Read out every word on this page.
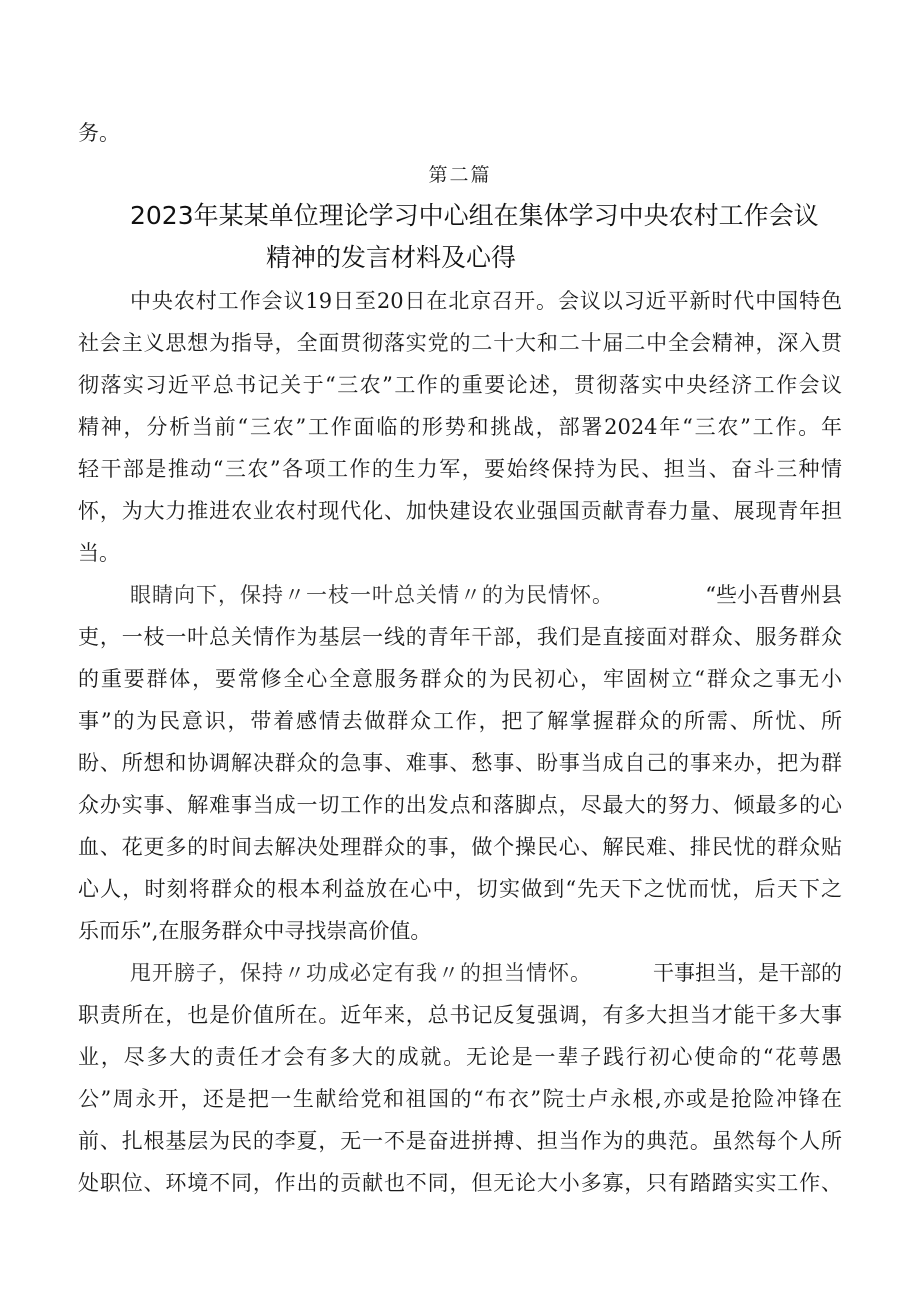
务。
第二篇
2023年某某单位理论学习中心组在集体学习中央农村工作会议
精神的发言材料及心得
中央农村工作会议19日至20日在北京召开。会议以习近平新时代中国特色
社会主义思想为指导，全面贯彻落实党的二十大和二十届二中全会精神，深入贯
彻落实习近平总书记关于“三农”工作的重要论述，贯彻落实中央经济工作会议
精神，分析当前“三农”工作面临的形势和挑战，部署2024年“三农”工作。年
轻干部是推动“三农”各项工作的生力军，要始终保持为民、担当、奋斗三种情
怀，为大力推进农业农村现代化、加快建设农业强国贡献青春力量、展现青年担
当。
眼睛向下，保持〃一枝一叶总关情〃的为民情怀。	“些小吾曹州县
吏，一枝一叶总关情作为基层一线的青年干部，我们是直接面对群众、服务群众
的重要群体，要常修全心全意服务群众的为民初心，牢固树立“群众之事无小
事”的为民意识，带着感情去做群众工作，把了解掌握群众的所需、所忧、所
盼、所想和协调解决群众的急事、难事、愁事、盼事当成自己的事来办，把为群
众办实事、解难事当成一切工作的出发点和落脚点，尽最大的努力、倾最多的心
血、花更多的时间去解决处理群众的事，做个操民心、解民难、排民忧的群众贴
心人，时刻将群众的根本利益放在心中，切实做到“先天下之忧而忧，后天下之
乐而乐”,在服务群众中寻找崇高价值。
甩开膀子，保持〃功成必定有我〃的担当情怀。	干事担当，是干部的
职责所在，也是价值所在。近年来，总书记反复强调，有多大担当才能干多大事
业，尽多大的责任才会有多大的成就。无论是一辈子践行初心使命的“花萼愚
公”周永开，还是把一生献给党和祖国的“布衣”院士卢永根,亦或是抢险冲锋在
前、扎根基层为民的李夏，无一不是奋进拼搏、担当作为的典范。虽然每个人所
处职位、环境不同，作出的贡献也不同，但无论大小多寡，只有踏踏实实工作、
